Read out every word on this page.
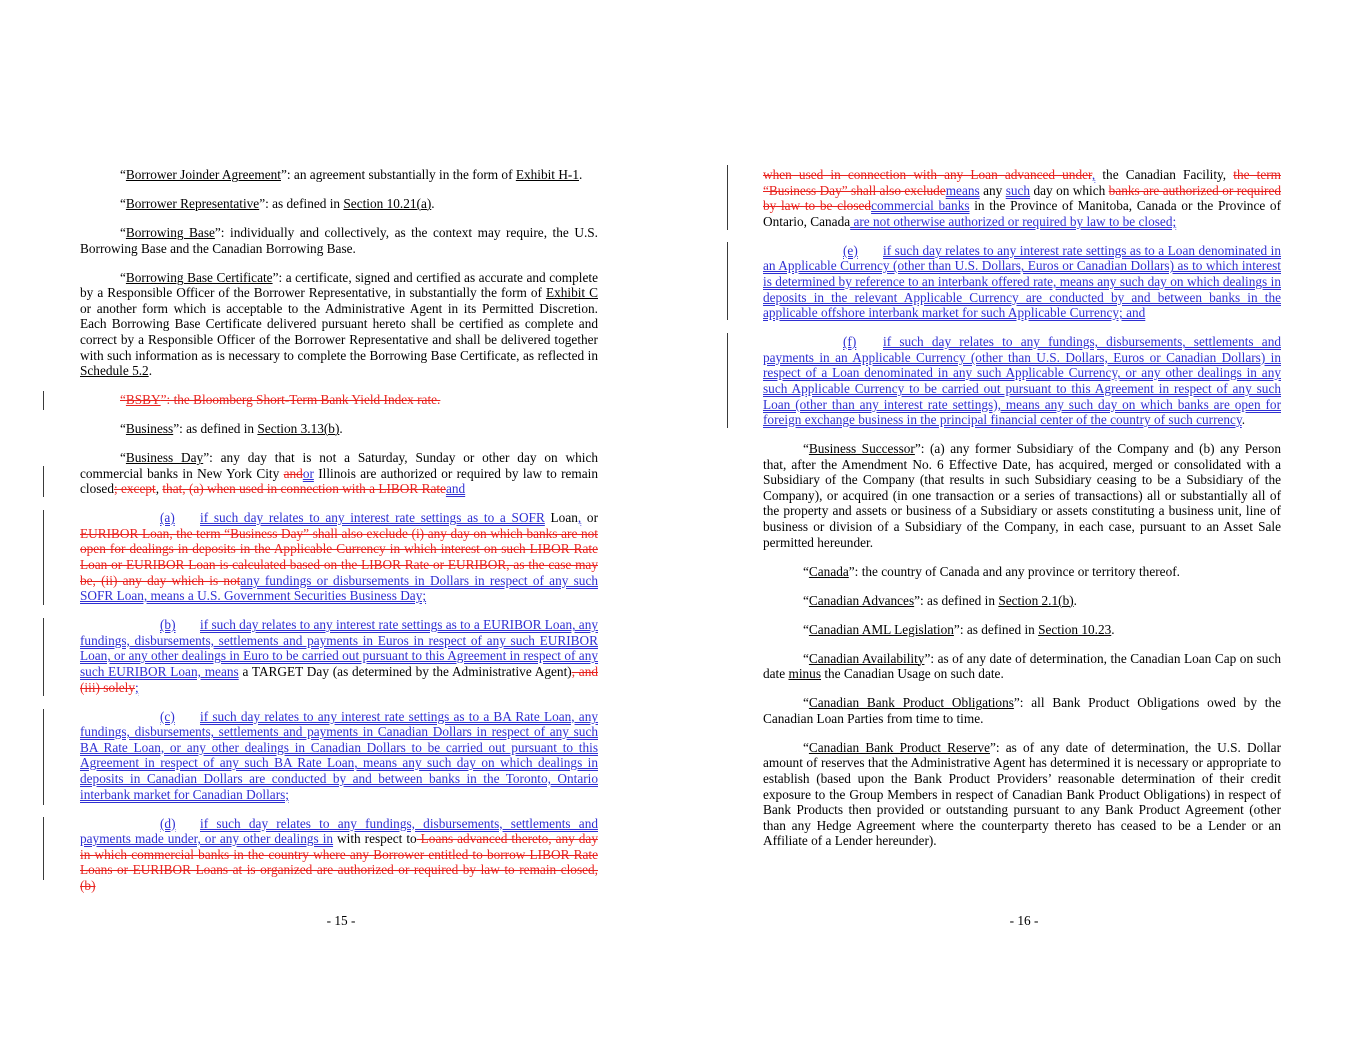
“Borrower Joinder Agreement”: an agreement substantially in the form of Exhibit H-1.

“Borrower Representative”: as defined in Section 10.21(a).

“Borrowing Base”: individually and collectively, as the context may require, the U.S. Borrowing Base and the Canadian Borrowing Base.

“Borrowing Base Certificate”: a certificate, signed and certified as accurate and complete by a Responsible Officer of the Borrower Representative, in substantially the form of Exhibit C or another form which is acceptable to the Administrative Agent in its Permitted Discretion. Each Borrowing Base Certificate delivered pursuant hereto shall be certified as complete and correct by a Responsible Officer of the Borrower Representative and shall be delivered together with such information as is necessary to complete the Borrowing Base Certificate, as reflected in Schedule 5.2.

“BSBY”: the Bloomberg Short-Term Bank Yield Index rate.

“Business”: as defined in Section 3.13(b).

“Business Day”: any day that is not a Saturday, Sunday or other day on which commercial banks in New York City andor Illinois are authorized or required by law to remain closed; except, that, (a) when used in connection with a LIBOR Rateand

(a) if such day relates to any interest rate settings as to a SOFR Loan, or EURIBOR Loan, the term “Business Day” shall also exclude (i) any day on which banks are not open for dealings in deposits in the Applicable Currency in which interest on such LIBOR Rate Loan or EURIBOR Loan is calculated based on the LIBOR Rate or EURIBOR, as the case may be, (ii) any day which is notany fundings or disbursements in Dollars in respect of any such SOFR Loan, means a U.S. Government Securities Business Day;

(b) if such day relates to any interest rate settings as to a EURIBOR Loan, any fundings, disbursements, settlements and payments in Euros in respect of any such EURIBOR Loan, or any other dealings in Euro to be carried out pursuant to this Agreement in respect of any such EURIBOR Loan, means a TARGET Day (as determined by the Administrative Agent), and (iii) solely;

(c) if such day relates to any interest rate settings as to a BA Rate Loan, any fundings, disbursements, settlements and payments in Canadian Dollars in respect of any such BA Rate Loan, or any other dealings in Canadian Dollars to be carried out pursuant to this Agreement in respect of any such BA Rate Loan, means any such day on which dealings in deposits in Canadian Dollars are conducted by and between banks in the Toronto, Ontario interbank market for Canadian Dollars;

(d) if such day relates to any fundings, disbursements, settlements and payments made under, or any other dealings in with respect to Loans advanced thereto, any day in which commercial banks in the country where any Borrower entitled to borrow LIBOR Rate Loans or EURIBOR Loans at is organized are authorized or required by law to remain closed, (b)

- 15 -

when used in connection with any Loan advanced under, the Canadian Facility, the term “Business Day” shall also excludemeans any such day on which banks are authorized or required by law to be closedcommercial banks in the Province of Manitoba, Canada or the Province of Ontario, Canada are not otherwise authorized or required by law to be closed;

(e) if such day relates to any interest rate settings as to a Loan denominated in an Applicable Currency (other than U.S. Dollars, Euros or Canadian Dollars) as to which interest is determined by reference to an interbank offered rate, means any such day on which dealings in deposits in the relevant Applicable Currency are conducted by and between banks in the applicable offshore interbank market for such Applicable Currency; and

(f) if such day relates to any fundings, disbursements, settlements and payments in an Applicable Currency (other than U.S. Dollars, Euros or Canadian Dollars) in respect of a Loan denominated in any such Applicable Currency, or any other dealings in any such Applicable Currency to be carried out pursuant to this Agreement in respect of any such Loan (other than any interest rate settings), means any such day on which banks are open for foreign exchange business in the principal financial center of the country of such currency.

“Business Successor”: (a) any former Subsidiary of the Company and (b) any Person that, after the Amendment No. 6 Effective Date, has acquired, merged or consolidated with a Subsidiary of the Company (that results in such Subsidiary ceasing to be a Subsidiary of the Company), or acquired (in one transaction or a series of transactions) all or substantially all of the property and assets or business of a Subsidiary or assets constituting a business unit, line of business or division of a Subsidiary of the Company, in each case, pursuant to an Asset Sale permitted hereunder.

“Canada”: the country of Canada and any province or territory thereof.

“Canadian Advances”: as defined in Section 2.1(b).

“Canadian AML Legislation”: as defined in Section 10.23.

“Canadian Availability”: as of any date of determination, the Canadian Loan Cap on such date minus the Canadian Usage on such date.

“Canadian Bank Product Obligations”: all Bank Product Obligations owed by the Canadian Loan Parties from time to time.

“Canadian Bank Product Reserve”: as of any date of determination, the U.S. Dollar amount of reserves that the Administrative Agent has determined it is necessary or appropriate to establish (based upon the Bank Product Providers’ reasonable determination of their credit exposure to the Group Members in respect of Canadian Bank Product Obligations) in respect of Bank Products then provided or outstanding pursuant to any Bank Product Agreement (other than any Hedge Agreement where the counterparty thereto has ceased to be a Lender or an Affiliate of a Lender hereunder).

- 16 -
